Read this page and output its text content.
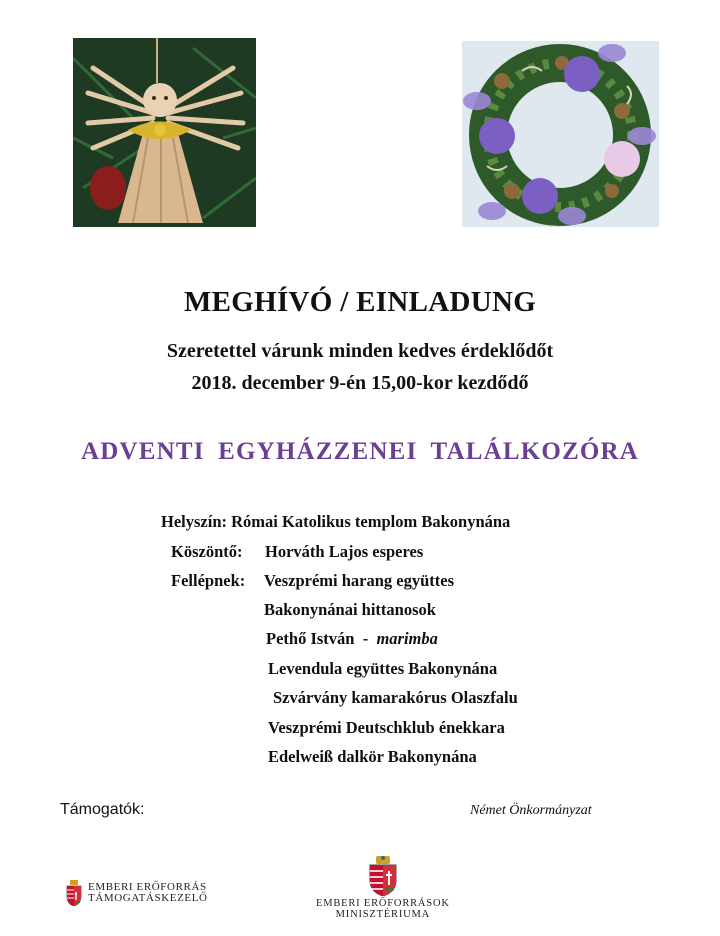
MEGHÍVÓ / EINLADUNG
Szeretettel várunk minden kedves érdeklődőt
2018. december 9-én 15,00-kor kezdődő
ADVENTI EGYHÁZZENEI TALÁLKOZÓRA
Helyszín: Római Katolikus templom Bakonynána
Köszöntő: Horváth Lajos esperes
Fellépnek: Veszprémi harang együttes
Bakonynánai hittanosok
Pethő István - marimba
Levendula együttes Bakonynána
Szvárvány kamarakórus Olaszfalu
Veszprémi Deutschklub énekkara
Edelweiß dalkör Bakonynána
Támogatók:	Német Önkormányzat
EMBERI ERŐFORRÁS
TÁMOGATÁSKEZELŐ	EMBERI ERŐFORRÁSOK
MINISZTÉRIUMA
